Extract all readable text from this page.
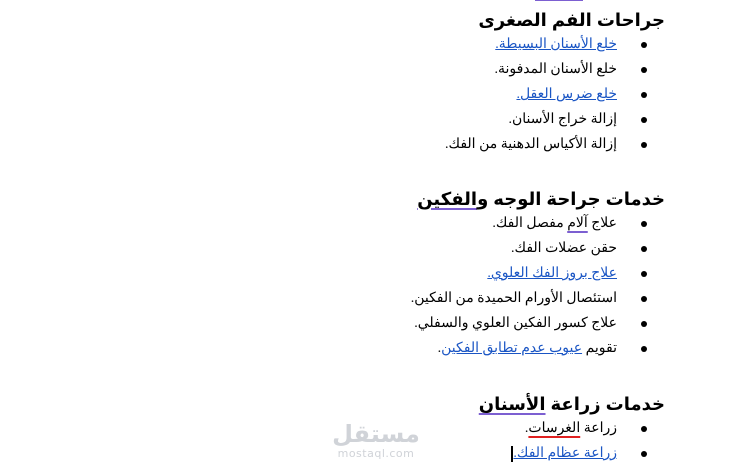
جراحات الفم الصغرى
خلع الأسنان البسيطة.
خلع الأسنان المدفونة.
خلع ضرس العقل.
إزالة خراج الأسنان.
إزالة الأكياس الدهنية من الفك.
خدمات جراحة الوجه والفكين
علاج آلام مفصل الفك.
حقن عضلات الفك.
علاج بروز الفك العلوي.
استئصال الأورام الحميدة من الفكين.
علاج كسور الفكين العلوي والسفلي.
تقويم عيوب عدم تطابق الفكين.
خدمات زراعة الأسنان
زراعة الغرسات.
زراعة عظام الفك.
مستقل
mostaql.com
